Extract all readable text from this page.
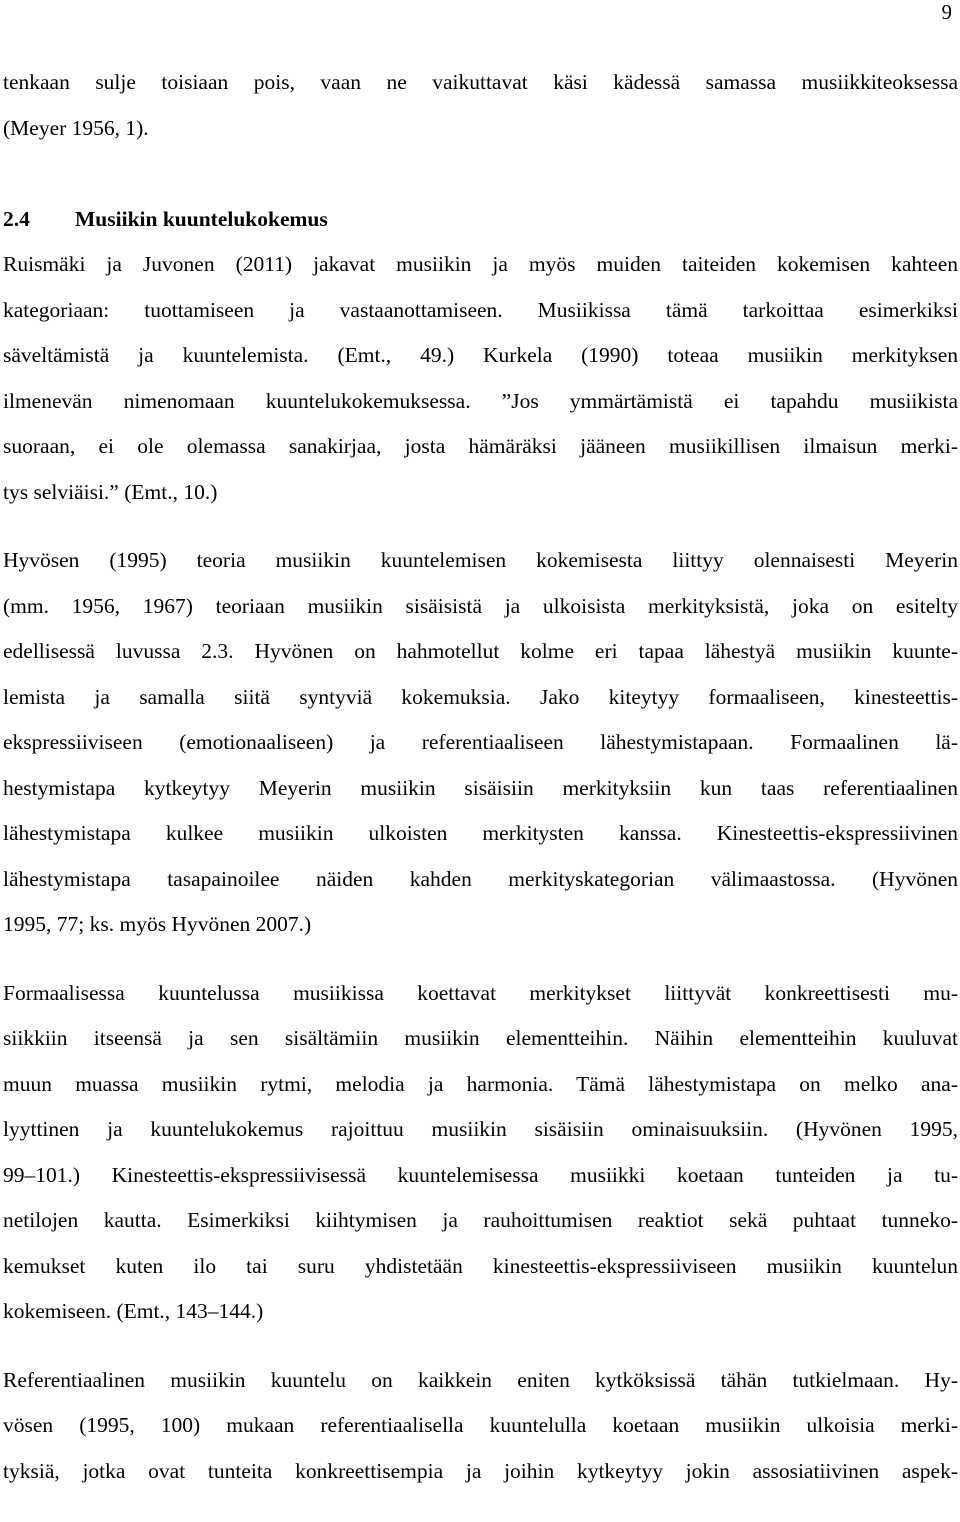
9
tenkaan sulje toisiaan pois, vaan ne vaikuttavat käsi kädessä samassa musiikkiteoksessa
(Meyer 1956, 1).
2.4 Musiikin kuuntelukokemus
Ruismäki ja Juvonen (2011) jakavat musiikin ja myös muiden taiteiden kokemisen kahteen
kategoriaan: tuottamiseen ja vastaanottamiseen. Musiikissa tämä tarkoittaa esimerkiksi
säveltämistä ja kuuntelemista. (Emt., 49.) Kurkela (1990) toteaa musiikin merkityksen
ilmenevän nimenomaan kuuntelukokemuksessa. ”Jos ymmärtämistä ei tapahdu musiikista
suoraan, ei ole olemassa sanakirjaa, josta hämäräksi jääneen musiikillisen ilmaisun merki-
tys selviäisi.” (Emt., 10.)
Hyvösen (1995) teoria musiikin kuuntelemisen kokemisesta liittyy olennaisesti Meyerin
(mm. 1956, 1967) teoriaan musiikin sisäisistä ja ulkoisista merkityksistä, joka on esitelty
edellisessä luvussa 2.3. Hyvönen on hahmotellut kolme eri tapaa lähestyä musiikin kuunte-
lemista ja samalla siitä syntyviä kokemuksia. Jako kiteytyy formaaliseen, kinesteettis-
ekspressiiviseen (emotionaaliseen) ja referentiaaliseen lähestymistapaan. Formaalinen lä-
hestymistapa kytkeytyy Meyerin musiikin sisäisiin merkityksiin kun taas referentiaalinen
lähestymistapa kulkee musiikin ulkoisten merkitysten kanssa. Kinesteettis-ekspressiivinen
lähestymistapa tasapainoilee näiden kahden merkityskategorian välimaastossa. (Hyvönen
1995, 77; ks. myös Hyvönen 2007.)
Formaalisessa kuuntelussa musiikissa koettavat merkitykset liittyvät konkreettisesti mu-
siikkiin itseensä ja sen sisältämiin musiikin elementteihin. Näihin elementteihin kuuluvat
muun muassa musiikin rytmi, melodia ja harmonia. Tämä lähestymistapa on melko ana-
lyyttinen ja kuuntelukokemus rajoittuu musiikin sisäisiin ominaisuuksiin. (Hyvönen 1995,
99–101.) Kinesteettis-ekspressiivisessä kuuntelemisessa musiikki koetaan tunteiden ja tu-
netilojen kautta. Esimerkiksi kiihtymisen ja rauhoittumisen reaktiot sekä puhtaat tunneko-
kemukset kuten ilo tai suru yhdistetään kinesteettis-ekspressiiviseen musiikin kuuntelun
kokemiseen. (Emt., 143–144.)
Referentiaalinen musiikin kuuntelu on kaikkein eniten kytköksissä tähän tutkielmaan. Hy-
vösen (1995, 100) mukaan referentiaalisella kuuntelulla koetaan musiikin ulkoisia merki-
tyksiä, jotka ovat tunteita konkreettisempia ja joihin kytkeytyy jokin assosiatiivinen aspek-
